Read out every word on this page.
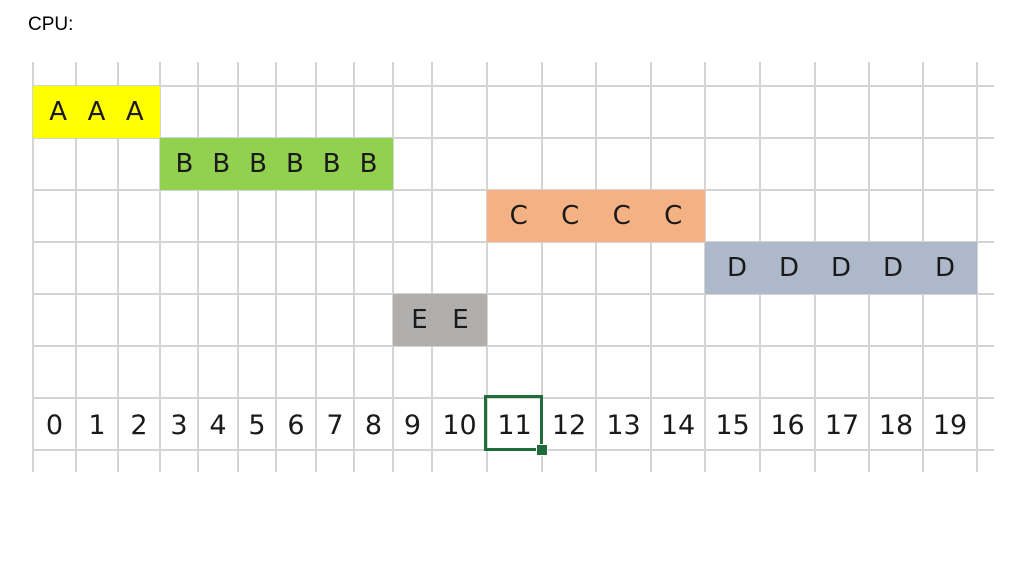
CPU:
A A A
B B B B B B
C C C C
D D D D D
E E
0 1 2 3 4 5 6 7 8 9 10 11 12 13 14 15 16 17 18 19
